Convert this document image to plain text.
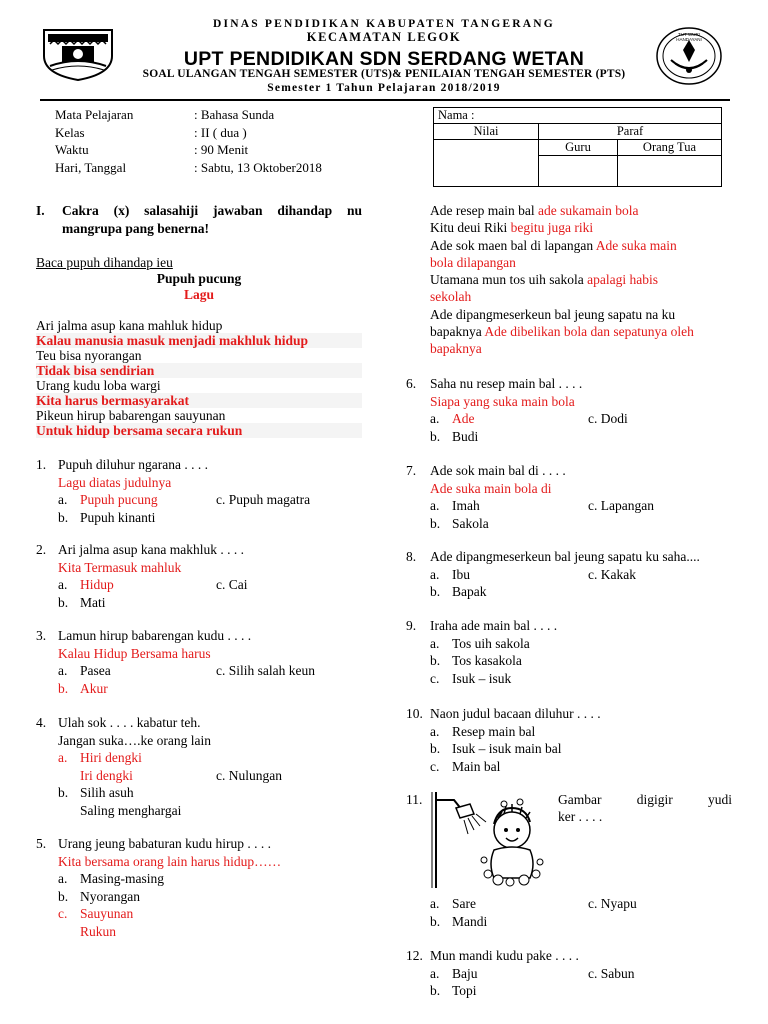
DINAS PENDIDIKAN KABUPATEN TANGERANG
KECAMATAN LEGOK
UPT PENDIDIKAN SDN SERDANG WETAN
SOAL ULANGAN TENGAH SEMESTER (UTS)& PENILAIAN TENGAH SEMESTER (PTS)
Semester 1 Tahun Pelajaran 2018/2019
TUT WURI HANDAYANI
Mata Pelajaran	: Bahasa Sunda
Kelas	: II ( dua )
Waktu	: 90 Menit
Hari, Tanggal	: Sabtu, 13 Oktober2018
Nama :		

Nilai	Paraf	
	Guru	Orang Tua

I.	Cakra (x) salasahiji jawaban dihandap nu
mangrupa pang benerna!
Baca pupuh dihandap ieu
Pupuh pucung
Lagu
Ari jalma asup kana mahluk hidup
Kalau manusia masuk menjadi makhluk hidup
Teu bisa nyorangan
Tidak bisa sendirian
Urang kudu loba wargi
Kita harus bermasyarakat
Pikeun hirup babarengan sauyunan
Untuk hidup bersama secara rukun
1. Pupuh diluhur ngarana . . . .
Lagu diatas judulnya
a. Pupuh pucung	c. Pupuh magatra
b. Pupuh kinanti
2. Ari jalma asup kana makhluk . . . .
Kita Termasuk mahluk
a. Hidup	c. Cai
b. Mati
3. Lamun hirup babarengan kudu . . . .
Kalau Hidup Bersama harus
a. Pasea	c. Silih salah keun
b. Akur
4. Ulah sok . . . . kabatur teh.
Jangan suka….ke orang lain
a. Hiri dengki
Iri dengki	c. Nulungan
b. Silih asuh
Saling menghargai
5. Urang jeung babaturan kudu hirup . . . .
Kita bersama orang lain harus hidup……
a. Masing-masing
b. Nyorangan
c. Sauyunan
Rukun
Ade resep main bal ade sukamain bola
Kitu deui Riki begitu juga riki
Ade sok maen bal di lapangan Ade suka main
bola dilapangan
Utamana mun tos uih sakola apalagi habis
sekolah
Ade dipangmeserkeun bal jeung sapatu na ku
bapaknya Ade dibelikan bola dan sepatunya oleh
bapaknya
6. Saha nu resep main bal . . . .
Siapa yang suka main bola
a. Ade	c. Dodi
b. Budi
7. Ade sok main bal di . . . .
Ade suka main bola di
a. Imah	c. Lapangan
b. Sakola
8. Ade dipangmeserkeun bal jeung sapatu ku saha....
a. Ibu	c. Kakak
b. Bapak
9. Iraha ade main bal . . . .
a. Tos uih sakola
b. Tos kasakola
c. Isuk – isuk
10. Naon judul bacaan diluhur . . . .
a. Resep main bal
b. Isuk – isuk main bal
c. Main bal
11.	Gambar digigir yudi
ker . . . .
a. Sare	c. Nyapu
b. Mandi
12. Mun mandi kudu pake . . . .
a. Baju	c. Sabun
b. Topi
